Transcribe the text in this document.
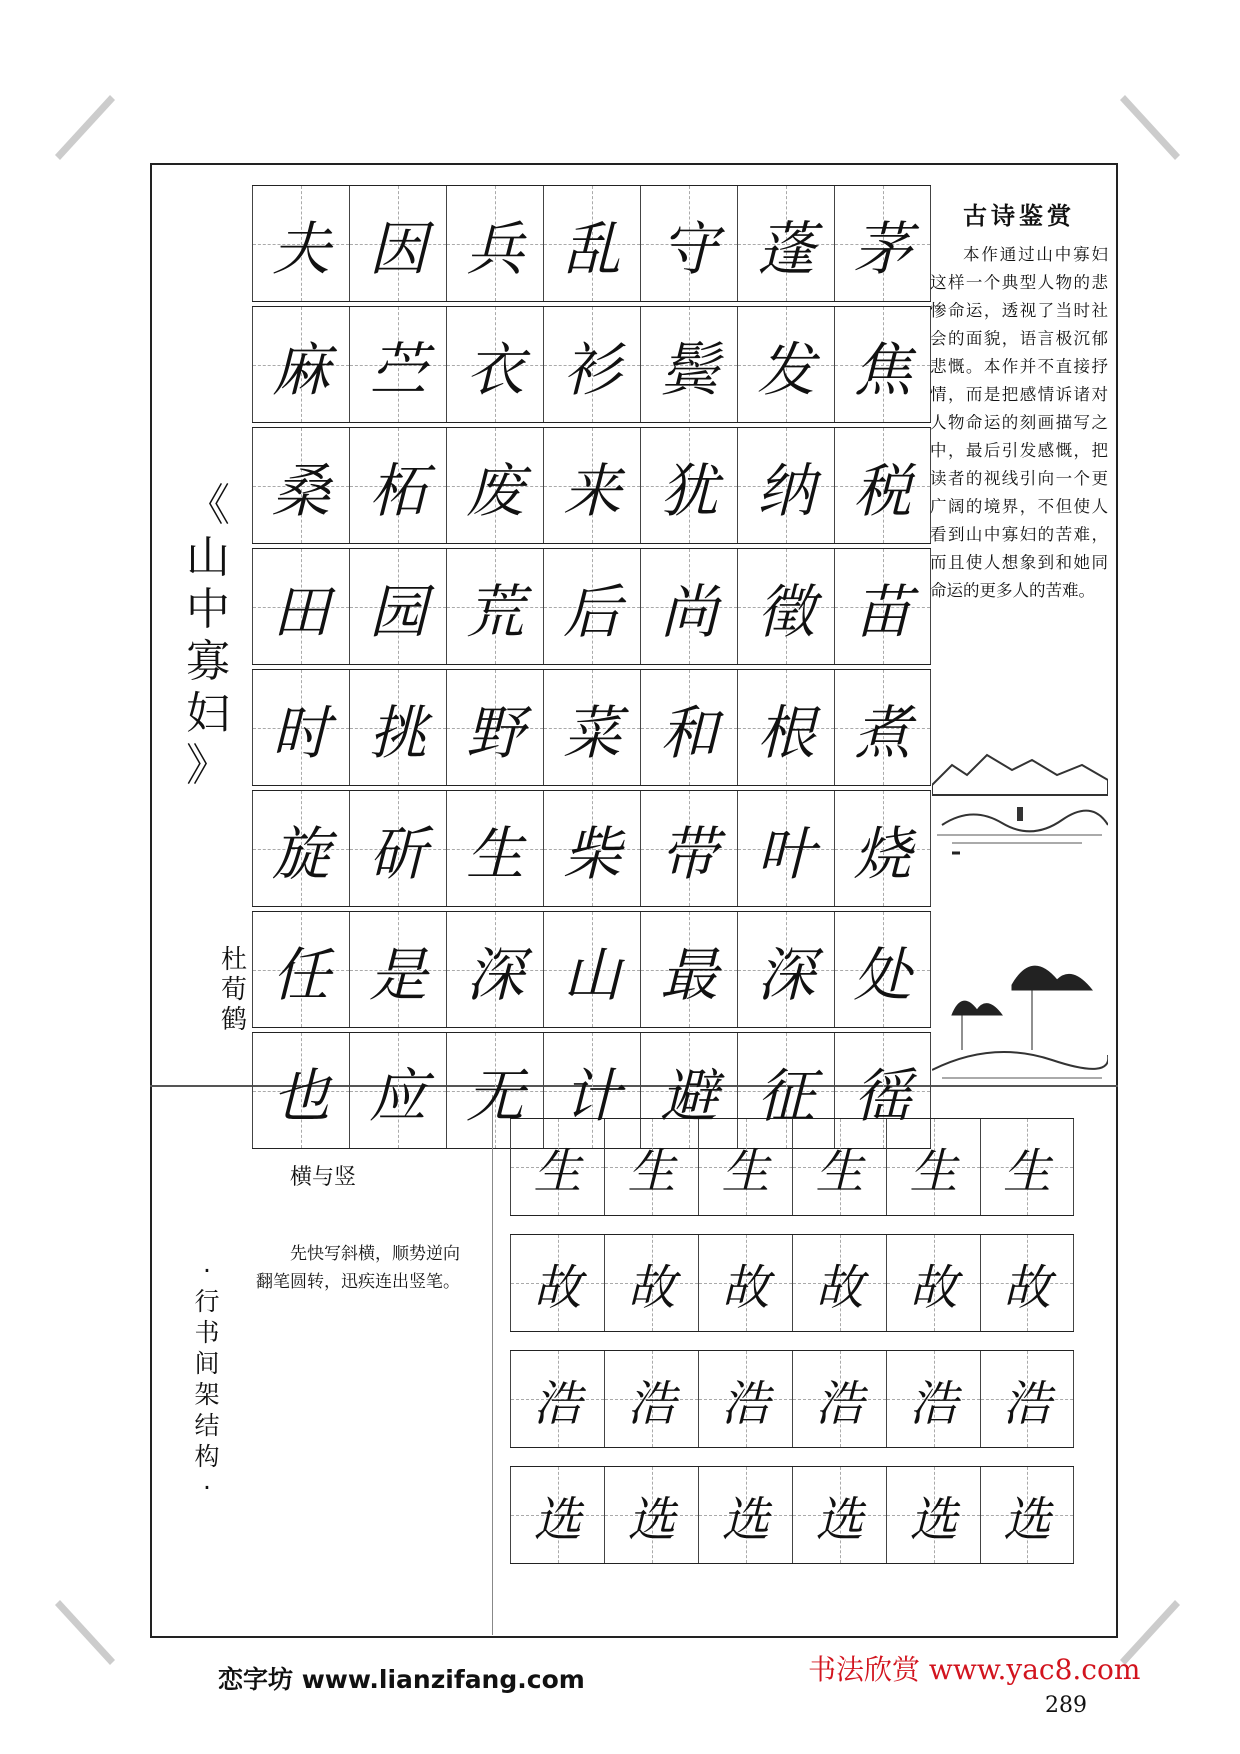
《
山
中
寡
妇
》
杜
荀
鹤
夫 因 兵 乱 守 蓬 茅
麻 苎 衣 衫 鬓 发 焦
桑 柘 废 来 犹 纳 税
田 园 荒 后 尚 徵 苗
时 挑 野 菜 和 根 煮
旋 斫 生 柴 带 叶 烧
任 是 深 山 最 深 处
也 应 无 计 避 征 徭
古诗鉴赏
本作通过山中寡妇这样一个典型人物的悲惨命运，透视了当时社会的面貌，语言极沉郁悲慨。本作并不直接抒情，而是把感情诉诸对人物命运的刻画描写之中，最后引发感慨，把读者的视线引向一个更广阔的境界，不但使人看到山中寡妇的苦难，而且使人想象到和她同命运的更多人的苦难。
·
行
书
间
架
结
构
·
横与竖
先快写斜横，顺势逆向翻笔圆转，迅疾连出竖笔。
生 生 生 生 生 生
故 故 故 故 故 故
浩 浩 浩 浩 浩 浩
选 选 选 选 选 选
恋字坊 www.lianzifang.com	书法欣赏 www.yac8.com
289
